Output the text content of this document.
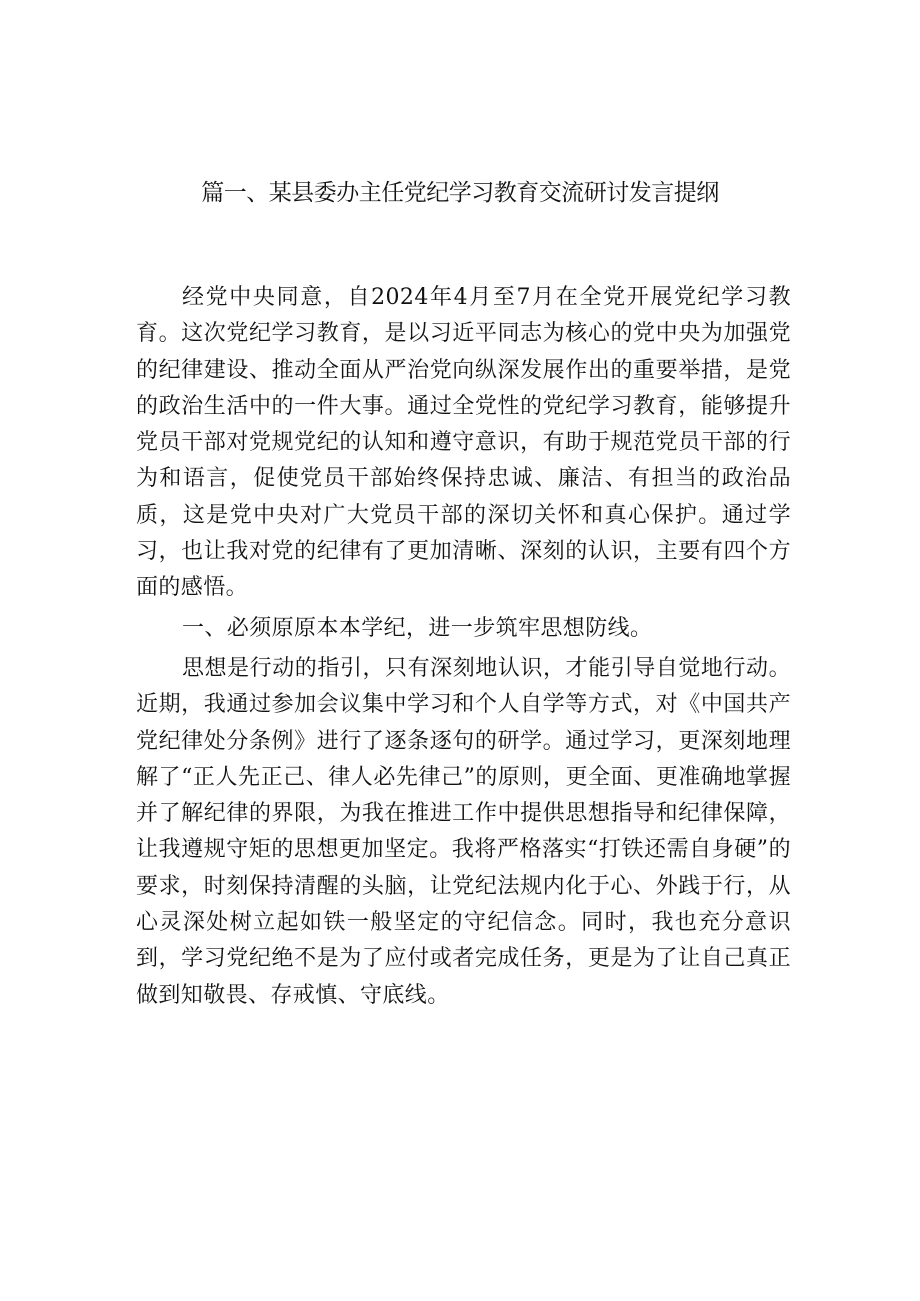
篇一、某县委办主任党纪学习教育交流研讨发言提纲

经党中央同意，自2024年4月至7月在全党开展党纪学习教育。这次党纪学习教育，是以习近平同志为核心的党中央为加强党的纪律建设、推动全面从严治党向纵深发展作出的重要举措，是党的政治生活中的一件大事。通过全党性的党纪学习教育，能够提升党员干部对党规党纪的认知和遵守意识，有助于规范党员干部的行为和语言，促使党员干部始终保持忠诚、廉洁、有担当的政治品质，这是党中央对广大党员干部的深切关怀和真心保护。通过学习，也让我对党的纪律有了更加清晰、深刻的认识，主要有四个方面的感悟。

一、必须原原本本学纪，进一步筑牢思想防线。

思想是行动的指引，只有深刻地认识，才能引导自觉地行动。近期，我通过参加会议集中学习和个人自学等方式，对《中国共产党纪律处分条例》进行了逐条逐句的研学。通过学习，更深刻地理解了“正人先正己、律人必先律己”的原则，更全面、更准确地掌握并了解纪律的界限，为我在推进工作中提供思想指导和纪律保障，让我遵规守矩的思想更加坚定。我将严格落实“打铁还需自身硬”的要求，时刻保持清醒的头脑，让党纪法规内化于心、外践于行，从心灵深处树立起如铁一般坚定的守纪信念。同时，我也充分意识到，学习党纪绝不是为了应付或者完成任务，更是为了让自己真正做到知敬畏、存戒慎、守底线。
